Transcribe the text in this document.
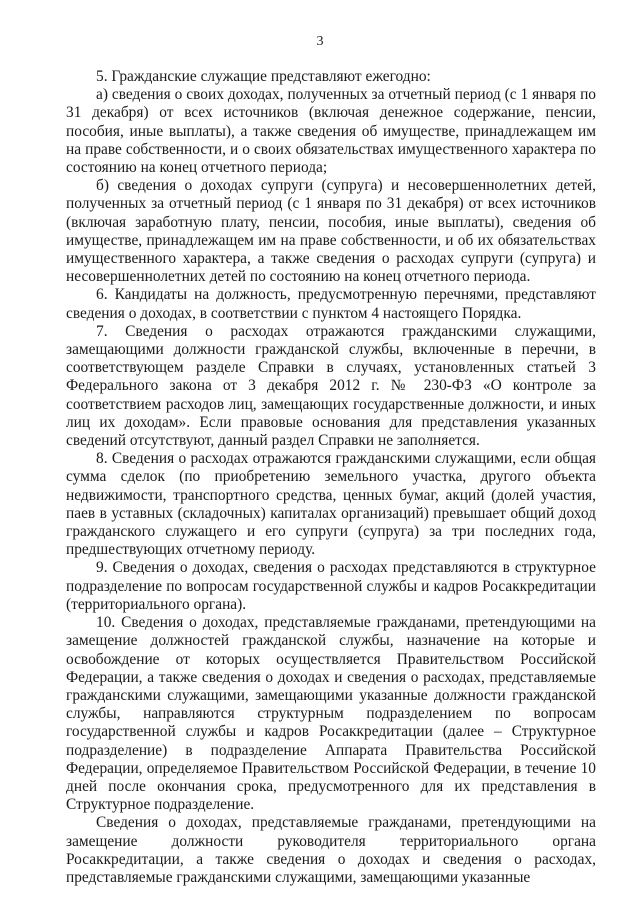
3

5. Гражданские служащие представляют ежегодно:

а) сведения о своих доходах, полученных за отчетный период (с 1 января по 31 декабря) от всех источников (включая денежное содержание, пенсии, пособия, иные выплаты), а также сведения об имуществе, принадлежащем им на праве собственности, и о своих обязательствах имущественного характера по состоянию на конец отчетного периода;

б) сведения о доходах супруги (супруга) и несовершеннолетних детей, полученных за отчетный период (с 1 января по 31 декабря) от всех источников (включая заработную плату, пенсии, пособия, иные выплаты), сведения об имуществе, принадлежащем им на праве собственности, и об их обязательствах имущественного характера, а также сведения о расходах супруги (супруга) и несовершеннолетних детей по состоянию на конец отчетного периода.

6. Кандидаты на должность, предусмотренную перечнями, представляют сведения о доходах, в соответствии с пунктом 4 настоящего Порядка.

7. Сведения о расходах отражаются гражданскими служащими, замещающими должности гражданской службы, включенные в перечни, в соответствующем разделе Справки в случаях, установленных статьей 3 Федерального закона от 3 декабря 2012 г. № 230-ФЗ «О контроле за соответствием расходов лиц, замещающих государственные должности, и иных лиц их доходам». Если правовые основания для представления указанных сведений отсутствуют, данный раздел Справки не заполняется.

8. Сведения о расходах отражаются гражданскими служащими, если общая сумма сделок (по приобретению земельного участка, другого объекта недвижимости, транспортного средства, ценных бумаг, акций (долей участия, паев в уставных (складочных) капиталах организаций) превышает общий доход гражданского служащего и его супруги (супруга) за три последних года, предшествующих отчетному периоду.

9. Сведения о доходах, сведения о расходах представляются в структурное подразделение по вопросам государственной службы и кадров Росаккредитации (территориального органа).

10. Сведения о доходах, представляемые гражданами, претендующими на замещение должностей гражданской службы, назначение на которые и освобождение от которых осуществляется Правительством Российской Федерации, а также сведения о доходах и сведения о расходах, представляемые гражданскими служащими, замещающими указанные должности гражданской службы, направляются структурным подразделением по вопросам государственной службы и кадров Росаккредитации (далее – Структурное подразделение) в подразделение Аппарата Правительства Российской Федерации, определяемое Правительством Российской Федерации, в течение 10 дней после окончания срока, предусмотренного для их представления в Структурное подразделение.

Сведения о доходах, представляемые гражданами, претендующими на замещение должности руководителя территориального органа Росаккредитации, а также сведения о доходах и сведения о расходах, представляемые гражданскими служащими, замещающими указанные
